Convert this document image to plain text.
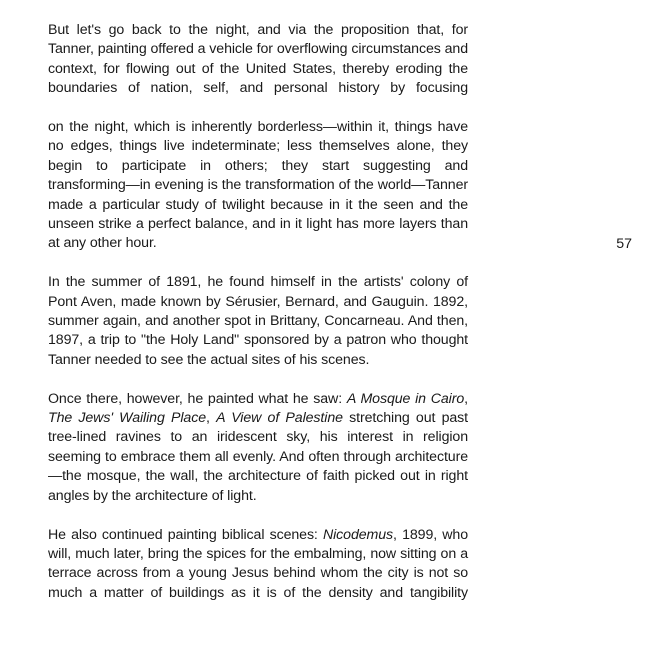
But let's go back to the night, and via the proposition that, for Tanner, painting offered a vehicle for overflowing circumstances and context, for flowing out of the United States, thereby eroding the boundaries of nation, self, and personal history by focusing

on the night, which is inherently borderless—within it, things have no edges, things live indeterminate; less themselves alone, they begin to participate in others; they start suggesting and transforming—in evening is the transformation of the world—Tanner made a particular study of twilight because in it the seen and the unseen strike a perfect balance, and in it light has more layers than at any other hour.

In the summer of 1891, he found himself in the artists' colony of Pont Aven, made known by Sérusier, Bernard, and Gauguin. 1892, summer again, and another spot in Brittany, Concarneau. And then, 1897, a trip to "the Holy Land" sponsored by a patron who thought Tanner needed to see the actual sites of his scenes.

Once there, however, he painted what he saw: A Mosque in Cairo, The Jews' Wailing Place, A View of Palestine stretching out past tree-lined ravines to an iridescent sky, his interest in religion seeming to embrace them all evenly. And often through architecture—the mosque, the wall, the architecture of faith picked out in right angles by the architecture of light.

He also continued painting biblical scenes: Nicodemus, 1899, who will, much later, bring the spices for the embalming, now sitting on a terrace across from a young Jesus behind whom the city is not so much a matter of buildings as it is of the density and tangibility

57
